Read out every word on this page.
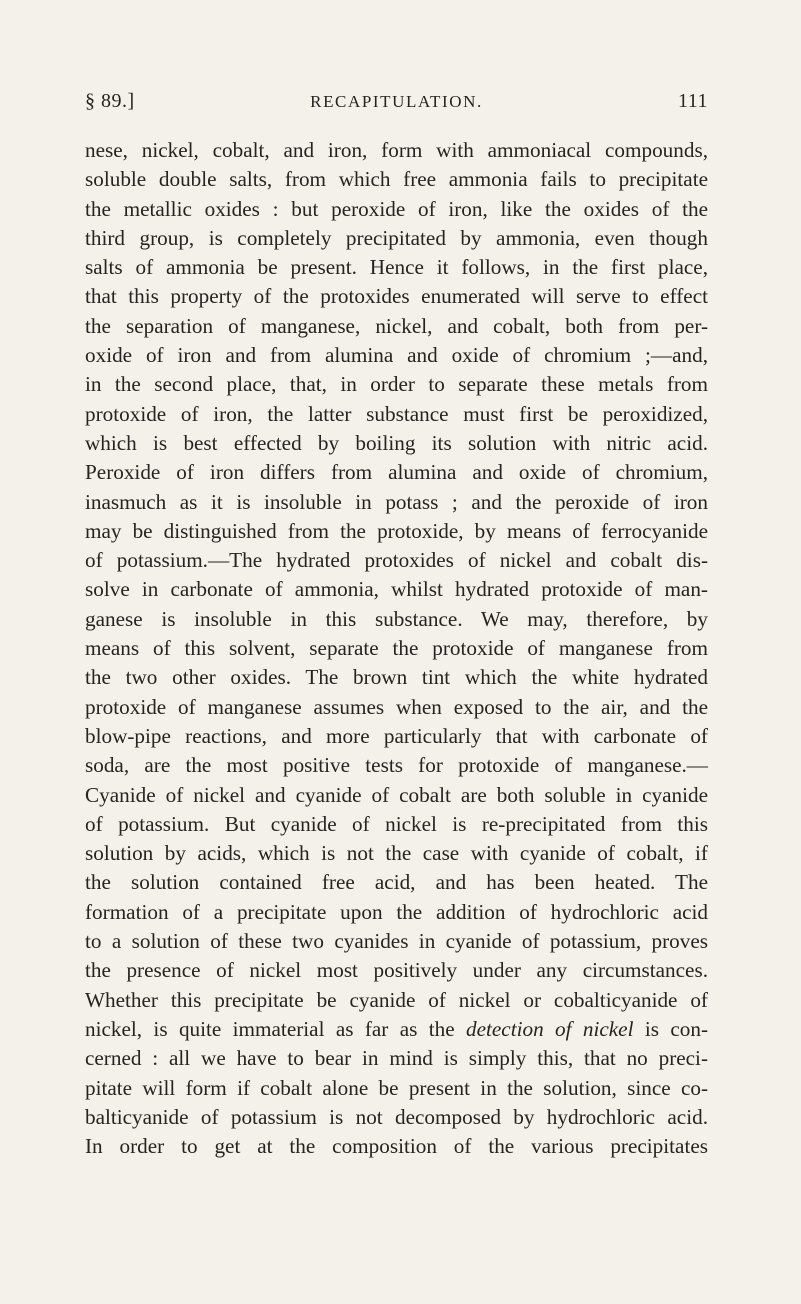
§ 89.]	RECAPITULATION.	111
nese, nickel, cobalt, and iron, form with ammoniacal compounds,
soluble double salts, from which free ammonia fails to precipitate
the metallic oxides : but peroxide of iron, like the oxides of the
third group, is completely precipitated by ammonia, even though
salts of ammonia be present. Hence it follows, in the first place,
that this property of the protoxides enumerated will serve to effect
the separation of manganese, nickel, and cobalt, both from per-
oxide of iron and from alumina and oxide of chromium ;—and,
in the second place, that, in order to separate these metals from
protoxide of iron, the latter substance must first be peroxidized,
which is best effected by boiling its solution with nitric acid.
Peroxide of iron differs from alumina and oxide of chromium,
inasmuch as it is insoluble in potass ; and the peroxide of iron
may be distinguished from the protoxide, by means of ferrocyanide
of potassium.—The hydrated protoxides of nickel and cobalt dis-
solve in carbonate of ammonia, whilst hydrated protoxide of man-
ganese is insoluble in this substance. We may, therefore, by
means of this solvent, separate the protoxide of manganese from
the two other oxides. The brown tint which the white hydrated
protoxide of manganese assumes when exposed to the air, and the
blow-pipe reactions, and more particularly that with carbonate of
soda, are the most positive tests for protoxide of manganese.—
Cyanide of nickel and cyanide of cobalt are both soluble in cyanide
of potassium. But cyanide of nickel is re-precipitated from this
solution by acids, which is not the case with cyanide of cobalt, if
the solution contained free acid, and has been heated. The
formation of a precipitate upon the addition of hydrochloric acid
to a solution of these two cyanides in cyanide of potassium, proves
the presence of nickel most positively under any circumstances.
Whether this precipitate be cyanide of nickel or cobalticyanide of
nickel, is quite immaterial as far as the detection of nickel is con-
cerned : all we have to bear in mind is simply this, that no preci-
pitate will form if cobalt alone be present in the solution, since co-
balticyanide of potassium is not decomposed by hydrochloric acid.
In order to get at the composition of the various precipitates
